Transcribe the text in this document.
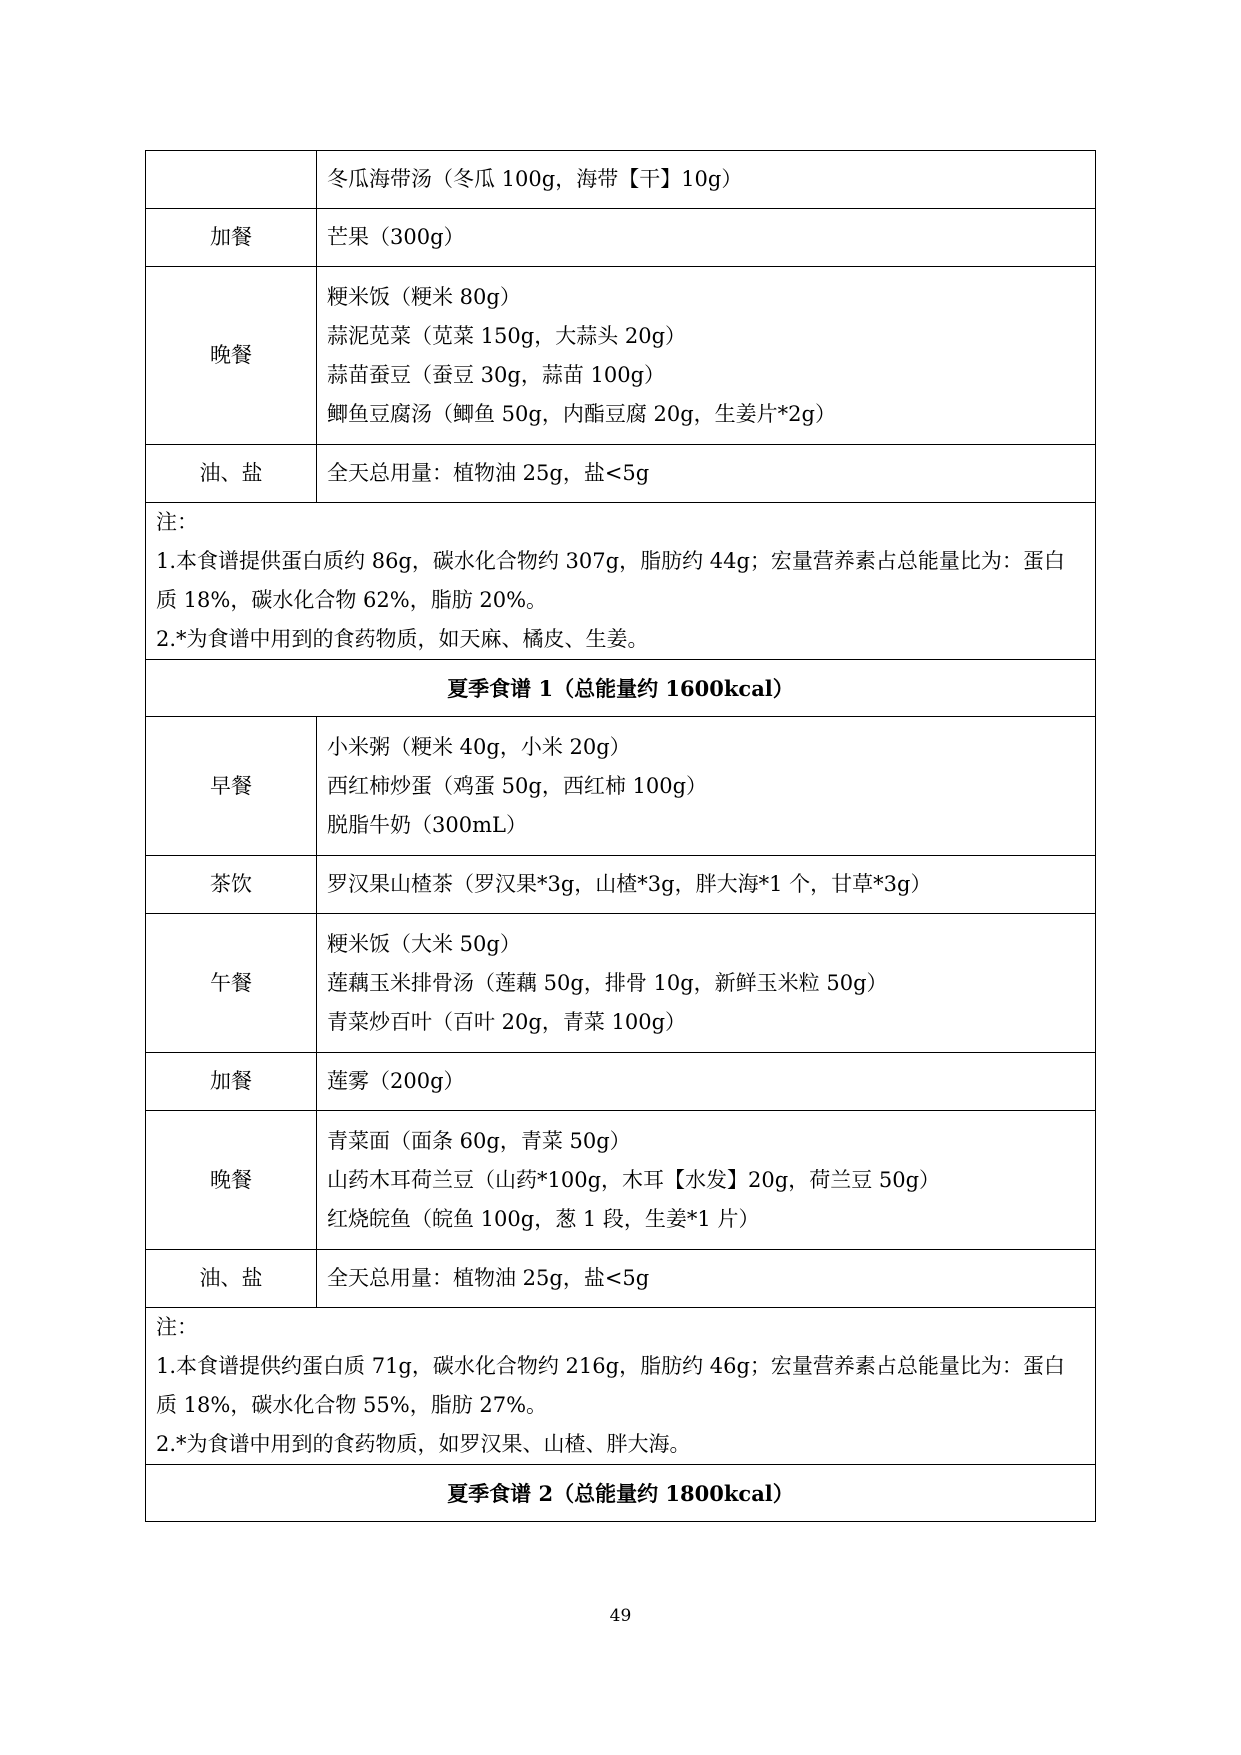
	冬瓜海带汤（冬瓜 100g，海带【干】10g）

加餐	芒果（300g）

晚餐	粳米饭（粳米 80g）
蒜泥苋菜（苋菜 150g，大蒜头 20g）
蒜苗蚕豆（蚕豆 30g，蒜苗 100g）
鲫鱼豆腐汤（鲫鱼 50g，内酯豆腐 20g，生姜片*2g）

油、盐	全天总用量：植物油 25g，盐<5g

注：
1.本食谱提供蛋白质约 86g，碳水化合物约 307g，脂肪约 44g；宏量营养素占总能量比为：蛋白质 18%，碳水化合物 62%，脂肪 20%。
2.*为食谱中用到的食药物质，如天麻、橘皮、生姜。	

夏季食谱 1（总能量约 1600kcal）	
早餐	小米粥（粳米 40g，小米 20g）
西红柿炒蛋（鸡蛋 50g，西红柿 100g）
脱脂牛奶（300mL）

茶饮	罗汉果山楂茶（罗汉果*3g，山楂*3g，胖大海*1 个，甘草*3g）

午餐	粳米饭（大米 50g）
莲藕玉米排骨汤（莲藕 50g，排骨 10g，新鲜玉米粒 50g）
青菜炒百叶（百叶 20g，青菜 100g）

加餐	莲雾（200g）

晚餐	青菜面（面条 60g，青菜 50g）
山药木耳荷兰豆（山药*100g，木耳【水发】20g，荷兰豆 50g）
红烧皖鱼（皖鱼 100g，葱 1 段，生姜*1 片）

油、盐	全天总用量：植物油 25g，盐<5g

注：
1.本食谱提供约蛋白质 71g，碳水化合物约 216g，脂肪约 46g；宏量营养素占总能量比为：蛋白质 18%，碳水化合物 55%，脂肪 27%。
2.*为食谱中用到的食药物质，如罗汉果、山楂、胖大海。	

夏季食谱 2（总能量约 1800kcal）	
49
